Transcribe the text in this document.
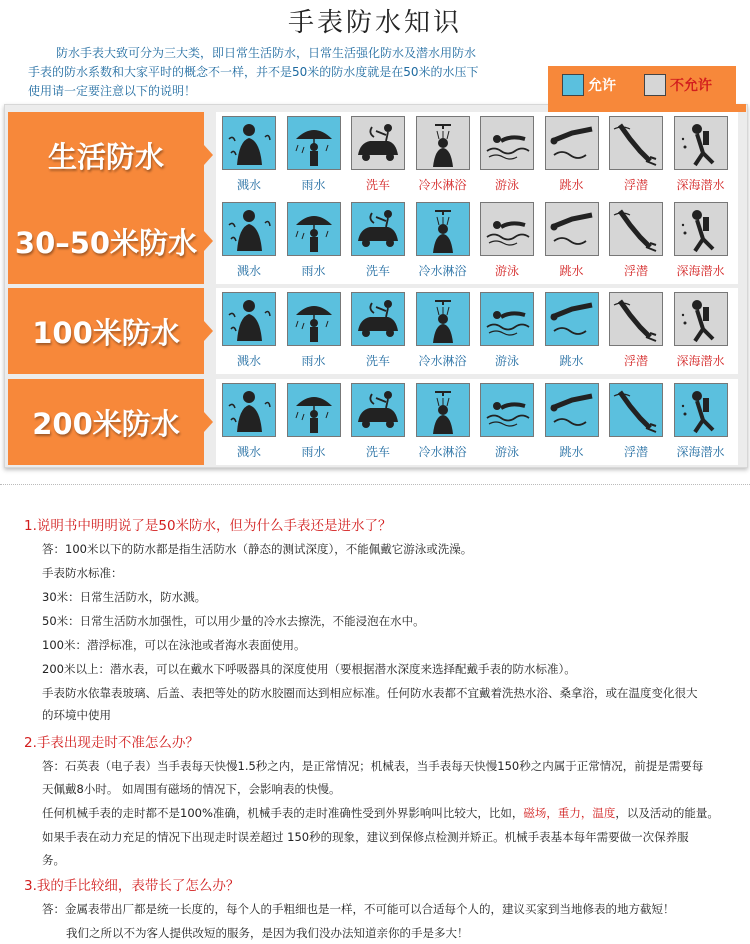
手表防水知识
防水手表大致可分为三大类，即日常生活防水，日常生活强化防水及潜水用防水
手表的防水系数和大家平时的概念不一样，并不是50米的防水度就是在50米的水压下
使用请一定要注意以下的说明！	允许	不允许
生活防水
溅水	雨水	洗车	冷水淋浴	游泳	跳水	浮潜	深海潜水
30–50米防水
溅水	雨水	洗车	冷水淋浴	游泳	跳水	浮潜	深海潜水
100米防水
溅水	雨水	洗车	冷水淋浴	游泳	跳水	浮潜	深海潜水
200米防水
溅水	雨水	洗车	冷水淋浴	游泳	跳水	浮潜	深海潜水
1.说明书中明明说了是50米防水，但为什么手表还是进水了？
答：100米以下的防水都是指生活防水（静态的测试深度），不能佩戴它游泳或洗澡。
手表防水标准：
30米：日常生活防水，防水溅。
50米：日常生活防水加强性，可以用少量的冷水去擦洗，不能浸泡在水中。
100米：潜浮标准，可以在泳池或者海水表面使用。
200米以上：潜水表，可以在戴水下呼吸器具的深度使用（要根据潜水深度来选择配戴手表的防水标准）。
手表防水依靠表玻璃、后盖、表把等处的防水胶圈而达到相应标准。任何防水表都不宜戴着洗热水浴、桑拿浴，或在温度变化很大
的环境中使用
2.手表出现走时不准怎么办？
答：石英表（电子表）当手表每天快慢1.5秒之内，是正常情况；机械表，当手表每天快慢150秒之内属于正常情况，前提是需要每
天佩戴8小时。 如周围有磁场的情况下，会影响表的快慢。
任何机械手表的走时都不是100%准确，机械手表的走时准确性受到外界影响叫比较大，比如，磁场，重力，温度，以及活动的能量。
如果手表在动力充足的情况下出现走时误差超过 150秒的现象，建议到保修点检测并矫正。机械手表基本每年需要做一次保养服
务。
3.我的手比较细，表带长了怎么办？
答：金属表带出厂都是统一长度的，每个人的手粗细也是一样，不可能可以合适每个人的，建议买家到当地修表的地方截短！
我们之所以不为客人提供改短的服务，是因为我们没办法知道亲你的手是多大！
